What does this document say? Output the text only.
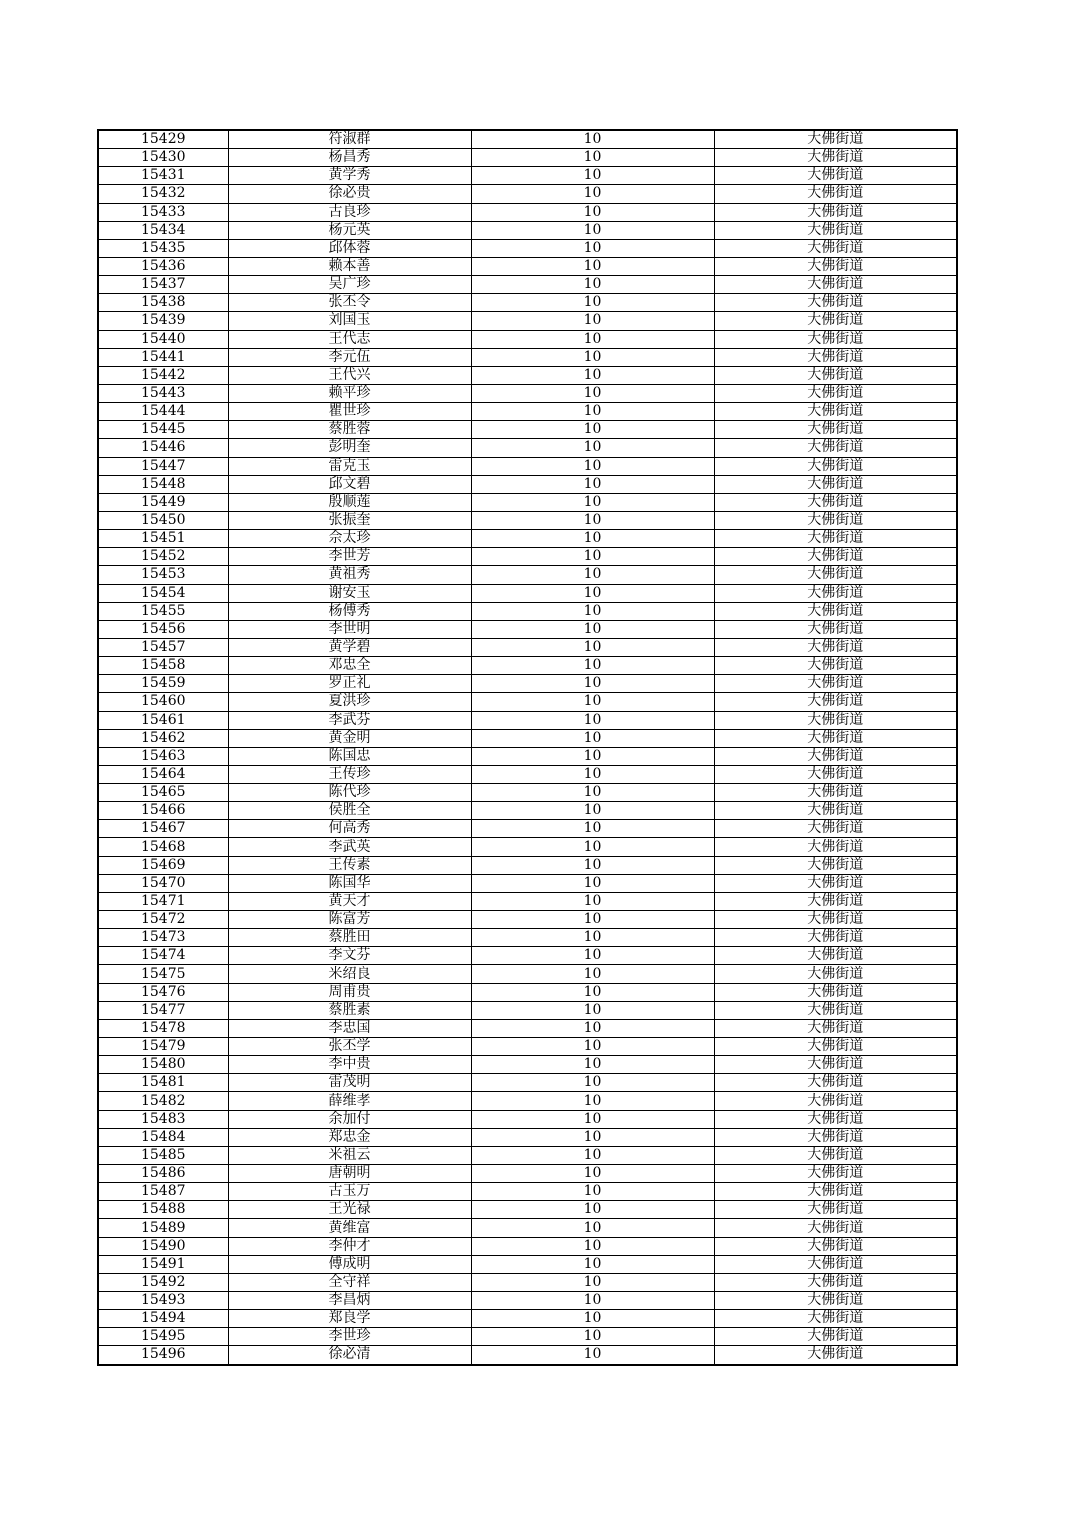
15429	符淑群	10	大佛街道
15430	杨昌秀	10	大佛街道
15431	黄学秀	10	大佛街道
15432	徐必贵	10	大佛街道
15433	古良珍	10	大佛街道
15434	杨元英	10	大佛街道
15435	邱体蓉	10	大佛街道
15436	赖本善	10	大佛街道
15437	吴广珍	10	大佛街道
15438	张丕令	10	大佛街道
15439	刘国玉	10	大佛街道
15440	王代志	10	大佛街道
15441	李元伍	10	大佛街道
15442	王代兴	10	大佛街道
15443	赖平珍	10	大佛街道
15444	瞿世珍	10	大佛街道
15445	蔡胜蓉	10	大佛街道
15446	彭明奎	10	大佛街道
15447	雷克玉	10	大佛街道
15448	邱文碧	10	大佛街道
15449	殷顺莲	10	大佛街道
15450	张振奎	10	大佛街道
15451	佘太珍	10	大佛街道
15452	李世芳	10	大佛街道
15453	黄祖秀	10	大佛街道
15454	谢安玉	10	大佛街道
15455	杨傅秀	10	大佛街道
15456	李世明	10	大佛街道
15457	黄学碧	10	大佛街道
15458	邓忠全	10	大佛街道
15459	罗正礼	10	大佛街道
15460	夏洪珍	10	大佛街道
15461	李武芬	10	大佛街道
15462	黄金明	10	大佛街道
15463	陈国忠	10	大佛街道
15464	王传珍	10	大佛街道
15465	陈代珍	10	大佛街道
15466	侯胜全	10	大佛街道
15467	何高秀	10	大佛街道
15468	李武英	10	大佛街道
15469	王传素	10	大佛街道
15470	陈国华	10	大佛街道
15471	黄天才	10	大佛街道
15472	陈富芳	10	大佛街道
15473	蔡胜田	10	大佛街道
15474	李文芬	10	大佛街道
15475	米绍良	10	大佛街道
15476	周甫贵	10	大佛街道
15477	蔡胜素	10	大佛街道
15478	李忠国	10	大佛街道
15479	张丕学	10	大佛街道
15480	李中贵	10	大佛街道
15481	雷茂明	10	大佛街道
15482	薛维孝	10	大佛街道
15483	余加付	10	大佛街道
15484	郑忠金	10	大佛街道
15485	米祖云	10	大佛街道
15486	唐朝明	10	大佛街道
15487	古玉万	10	大佛街道
15488	王光禄	10	大佛街道
15489	黄维富	10	大佛街道
15490	李仲才	10	大佛街道
15491	傅成明	10	大佛街道
15492	全守祥	10	大佛街道
15493	李昌炳	10	大佛街道
15494	郑良学	10	大佛街道
15495	李世珍	10	大佛街道
15496	徐必清	10	大佛街道
